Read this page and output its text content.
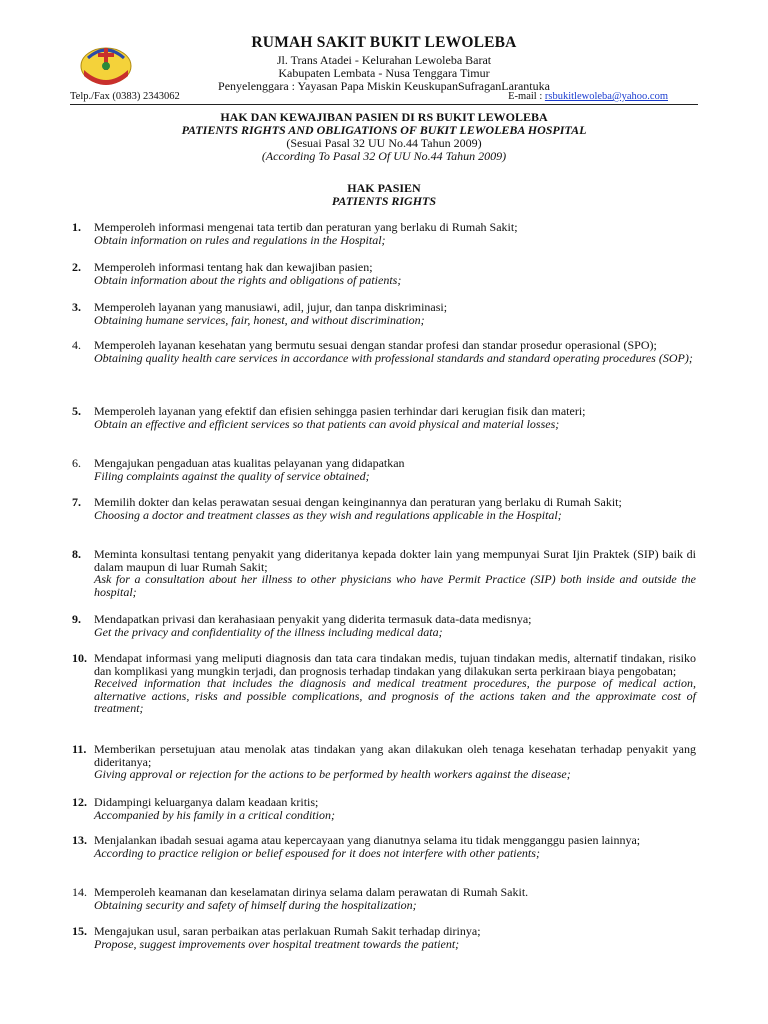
RUMAH SAKIT BUKIT LEWOLEBA
Jl. Trans Atadei - Kelurahan Lewoleba Barat
Kabupaten Lembata - Nusa Tenggara Timur
Penyelenggara : Yayasan Papa Miskin KeuskupanSufraganLarantuka
Telp./Fax (0383) 2343062	E-mail : rsbukitlewoleba@yahoo.com
HAK DAN KEWAJIBAN PASIEN DI RS BUKIT LEWOLEBA
PATIENTS RIGHTS AND OBLIGATIONS OF BUKIT LEWOLEBA HOSPITAL
(Sesuai Pasal 32 UU No.44 Tahun 2009)
(According To Pasal 32 Of UU No.44 Tahun 2009)
HAK PASIEN
PATIENTS RIGHTS
1.	Memperoleh informasi mengenai tata tertib dan peraturan yang berlaku di Rumah Sakit;
Obtain information on rules and regulations in the Hospital;
2.	Memperoleh informasi tentang hak dan kewajiban pasien;
Obtain information about the rights and obligations of patients;
3.	Memperoleh layanan yang manusiawi, adil, jujur, dan tanpa diskriminasi;
Obtaining humane services, fair, honest, and without discrimination;
4.	Memperoleh layanan kesehatan yang bermutu sesuai dengan standar profesi dan standar prosedur operasional (SPO);
Obtaining quality health care services in accordance with professional standards and standard operating procedures (SOP);
5.	Memperoleh layanan yang efektif dan efisien sehingga pasien terhindar dari kerugian fisik dan materi;
Obtain an effective and efficient services so that patients can avoid physical and material losses;
6.	Mengajukan pengaduan atas kualitas pelayanan yang didapatkan
Filing complaints against the quality of service obtained;
7.	Memilih dokter dan kelas perawatan sesuai dengan keinginannya dan peraturan yang berlaku di Rumah Sakit;
Choosing a doctor and treatment classes as they wish and regulations applicable in the Hospital;
8.	Meminta konsultasi tentang penyakit yang dideritanya kepada dokter lain yang mempunyai Surat Ijin Praktek (SIP) baik di dalam maupun di luar Rumah Sakit;
Ask for a consultation about her illness to other physicians who have Permit Practice (SIP) both inside and outside the hospital;
9.	Mendapatkan privasi dan kerahasiaan penyakit yang diderita termasuk data-data medisnya;
Get the privacy and confidentiality of the illness including medical data;
10. Mendapat informasi yang meliputi diagnosis dan tata cara tindakan medis, tujuan tindakan medis, alternatif tindakan, risiko dan komplikasi yang mungkin terjadi, dan prognosis terhadap tindakan yang dilakukan serta perkiraan biaya pengobatan;
Received information that includes the diagnosis and medical treatment procedures, the purpose of medical action, alternative actions, risks and possible complications, and prognosis of the actions taken and the approximate cost of treatment;
11. Memberikan persetujuan atau menolak atas tindakan yang akan dilakukan oleh tenaga kesehatan terhadap penyakit yang dideritanya;
Giving approval or rejection for the actions to be performed by health workers against the disease;
12. Didampingi keluarganya dalam keadaan kritis;
Accompanied by his family in a critical condition;
13. Menjalankan ibadah sesuai agama atau kepercayaan yang dianutnya selama itu tidak mengganggu pasien lainnya;
According to practice religion or belief espoused for it does not interfere with other patients;
14. Memperoleh keamanan dan keselamatan dirinya selama dalam perawatan di Rumah Sakit.
Obtaining security and safety of himself during the hospitalization;
15. Mengajukan usul, saran perbaikan atas perlakuan Rumah Sakit terhadap dirinya;
Propose, suggest improvements over hospital treatment towards the patient;
